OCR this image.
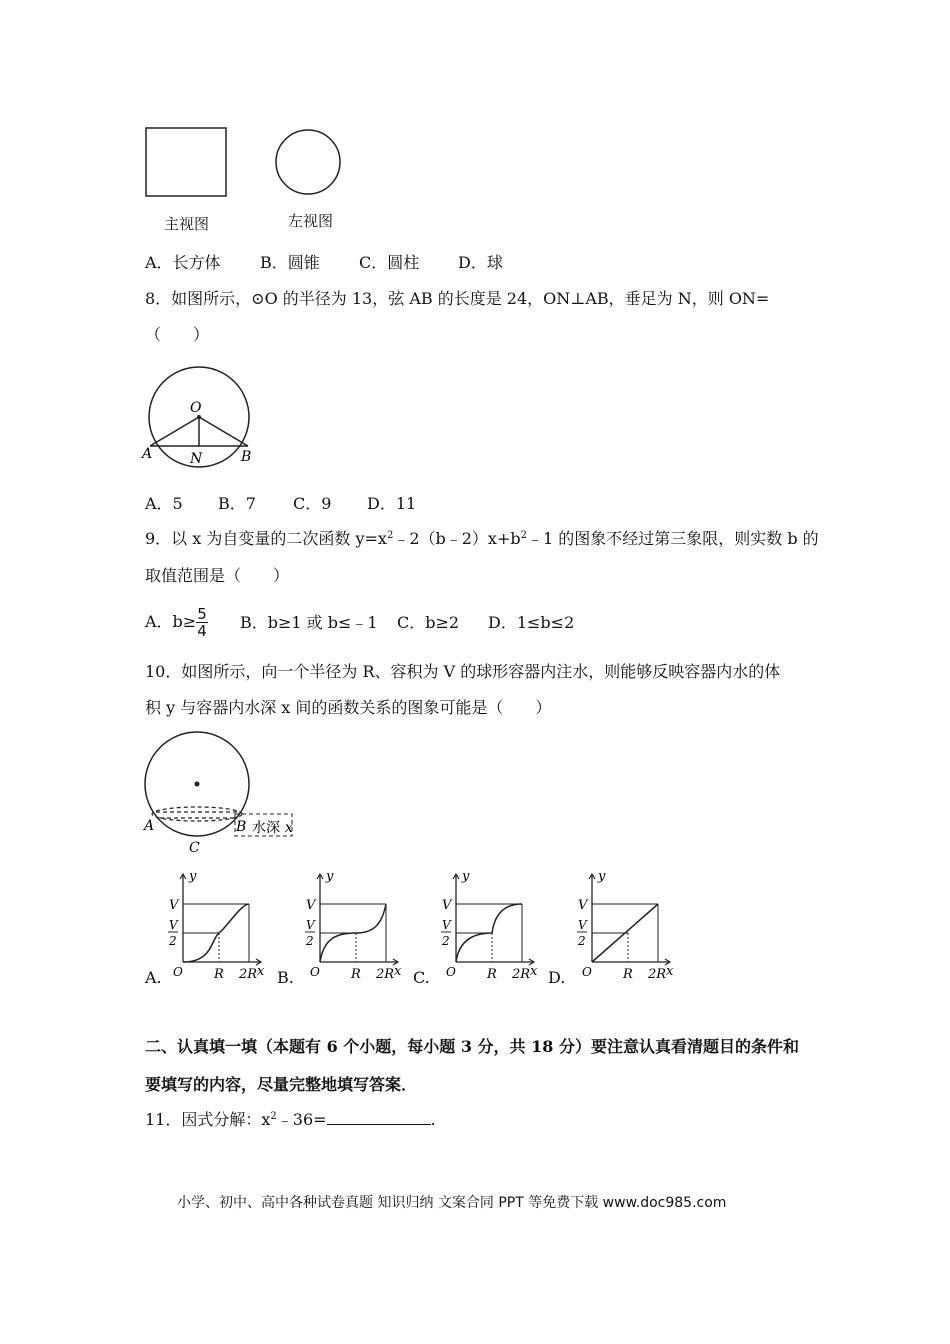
主视图	左视图
A．长方体 B．圆锥 C．圆柱 D．球
8．如图所示，⊙O 的半径为 13，弦 AB 的长度是 24，ON⊥AB，垂足为 N，则 ON=
（　　）
O
A	N	B
A．5 B．7 C．9 D．11
9．以 x 为自变量的二次函数 $y=x^2﹣2(b﹣2)x+b^2﹣1$ 的图象不经过第三象限，则实数 b 的
取值范围是（　　）
A．$b\ge \frac{5}{4}$ B．b≥1 或 b≤﹣1 C．b≥2 D．1≤b≤2
10．如图所示，向一个半径为 R、容积为 V 的球形容器内注水，则能够反映容器内水的体
积 y 与容器内水深 x 间的函数关系的图象可能是（　　）
A	B
C
水深 x
y
V
V
2
O R 2R x
y
V
V
2
O R 2R x
y
V
V
2
O R 2R x
y
V
V
2
O R 2R x
A.	B.	C.	D.
二、认真填一填（本题有 6 个小题，每小题 3 分，共 18 分）要注意认真看清题目的条件和
要填写的内容，尽量完整地填写答案．
11．因式分解：$x^2﹣36=$	.
小学、初中、高中各种试卷真题 知识归纳 文案合同 PPT 等免费下载 www.doc985.com
